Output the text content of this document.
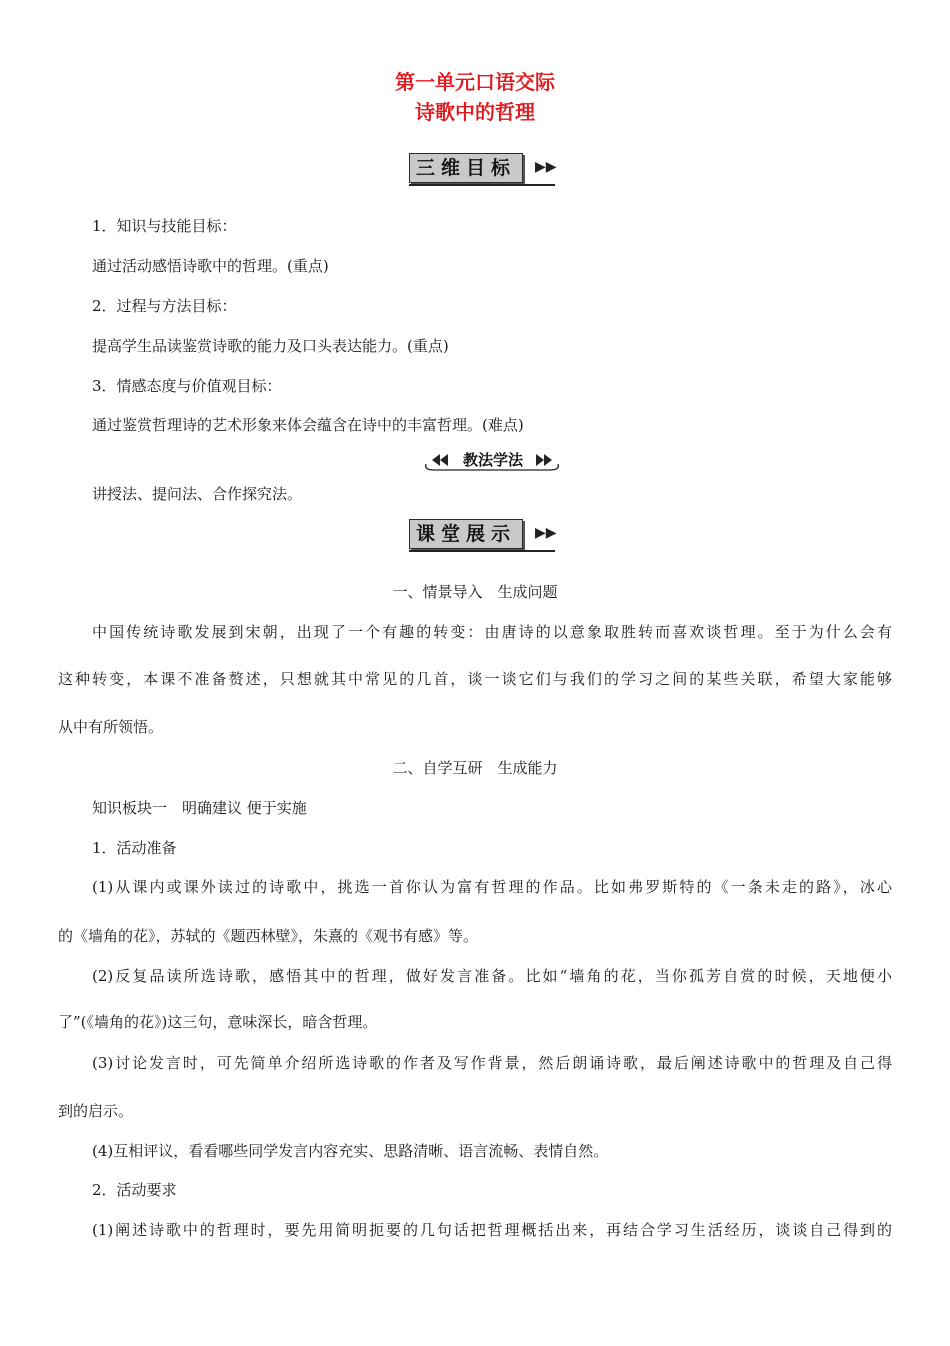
第一单元口语交际
诗歌中的哲理
三维目标	▶▶
1．知识与技能目标：
通过活动感悟诗歌中的哲理。(重点)
2．过程与方法目标：
提高学生品读鉴赏诗歌的能力及口头表达能力。(重点)
3．情感态度与价值观目标：
通过鉴赏哲理诗的艺术形象来体会蕴含在诗中的丰富哲理。(难点)
教法学法
讲授法、提问法、合作探究法。
课堂展示	▶▶
一、情景导入　生成问题
中国传统诗歌发展到宋朝，出现了一个有趣的转变：由唐诗的以意象取胜转而喜欢谈哲理。至于为什么会有
这种转变，本课不准备赘述，只想就其中常见的几首，谈一谈它们与我们的学习之间的某些关联，希望大家能够
从中有所领悟。
二、自学互研　生成能力
知识板块一　明确建议 便于实施
1．活动准备
(1)从课内或课外读过的诗歌中，挑选一首你认为富有哲理的作品。比如弗罗斯特的《一条未走的路》，冰心
的《墙角的花》，苏轼的《题西林壁》，朱熹的《观书有感》等。
(2)反复品读所选诗歌，感悟其中的哲理，做好发言准备。比如“墙角的花，当你孤芳自赏的时候，天地便小
了”(《墙角的花》)这三句，意味深长，暗含哲理。
(3)讨论发言时，可先简单介绍所选诗歌的作者及写作背景，然后朗诵诗歌，最后阐述诗歌中的哲理及自己得
到的启示。
(4)互相评议，看看哪些同学发言内容充实、思路清晰、语言流畅、表情自然。
2．活动要求
(1)阐述诗歌中的哲理时，要先用简明扼要的几句话把哲理概括出来，再结合学习生活经历，谈谈自己得到的
